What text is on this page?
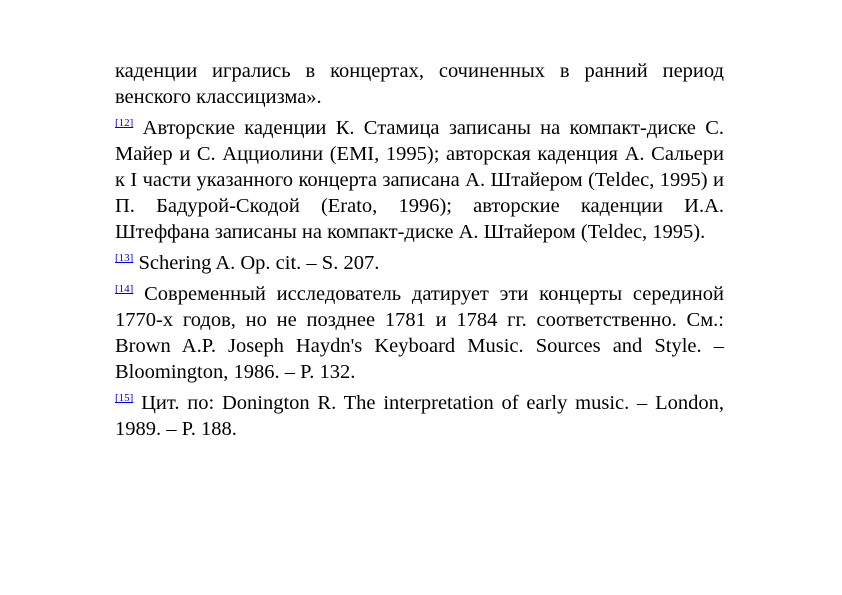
каденции игрались в концертах, сочиненных в ранний период венского классицизма».

[12] Авторские каденции К. Стамица записаны на компакт-диске С. Майер и С. Ацциолини (EMI, 1995); авторская каденция А. Сальери к I части указанного концерта записана А. Штайером (Teldec, 1995) и П. Бадурой-Скодой (Erato, 1996); авторские каденции И.А. Штеффана записаны на компакт-диске А. Штайером (Teldec, 1995).

[13] Schering A. Op. cit. – S. 207.

[14] Современный исследователь датирует эти концерты серединой 1770-х годов, но не позднее 1781 и 1784 гг. соответственно. См.: Brown A.P. Joseph Haydn's Keyboard Music. Sources and Style. – Bloomington, 1986. – P. 132.

[15] Цит. по: Donington R. The interpretation of early music. – London, 1989. – P. 188.
